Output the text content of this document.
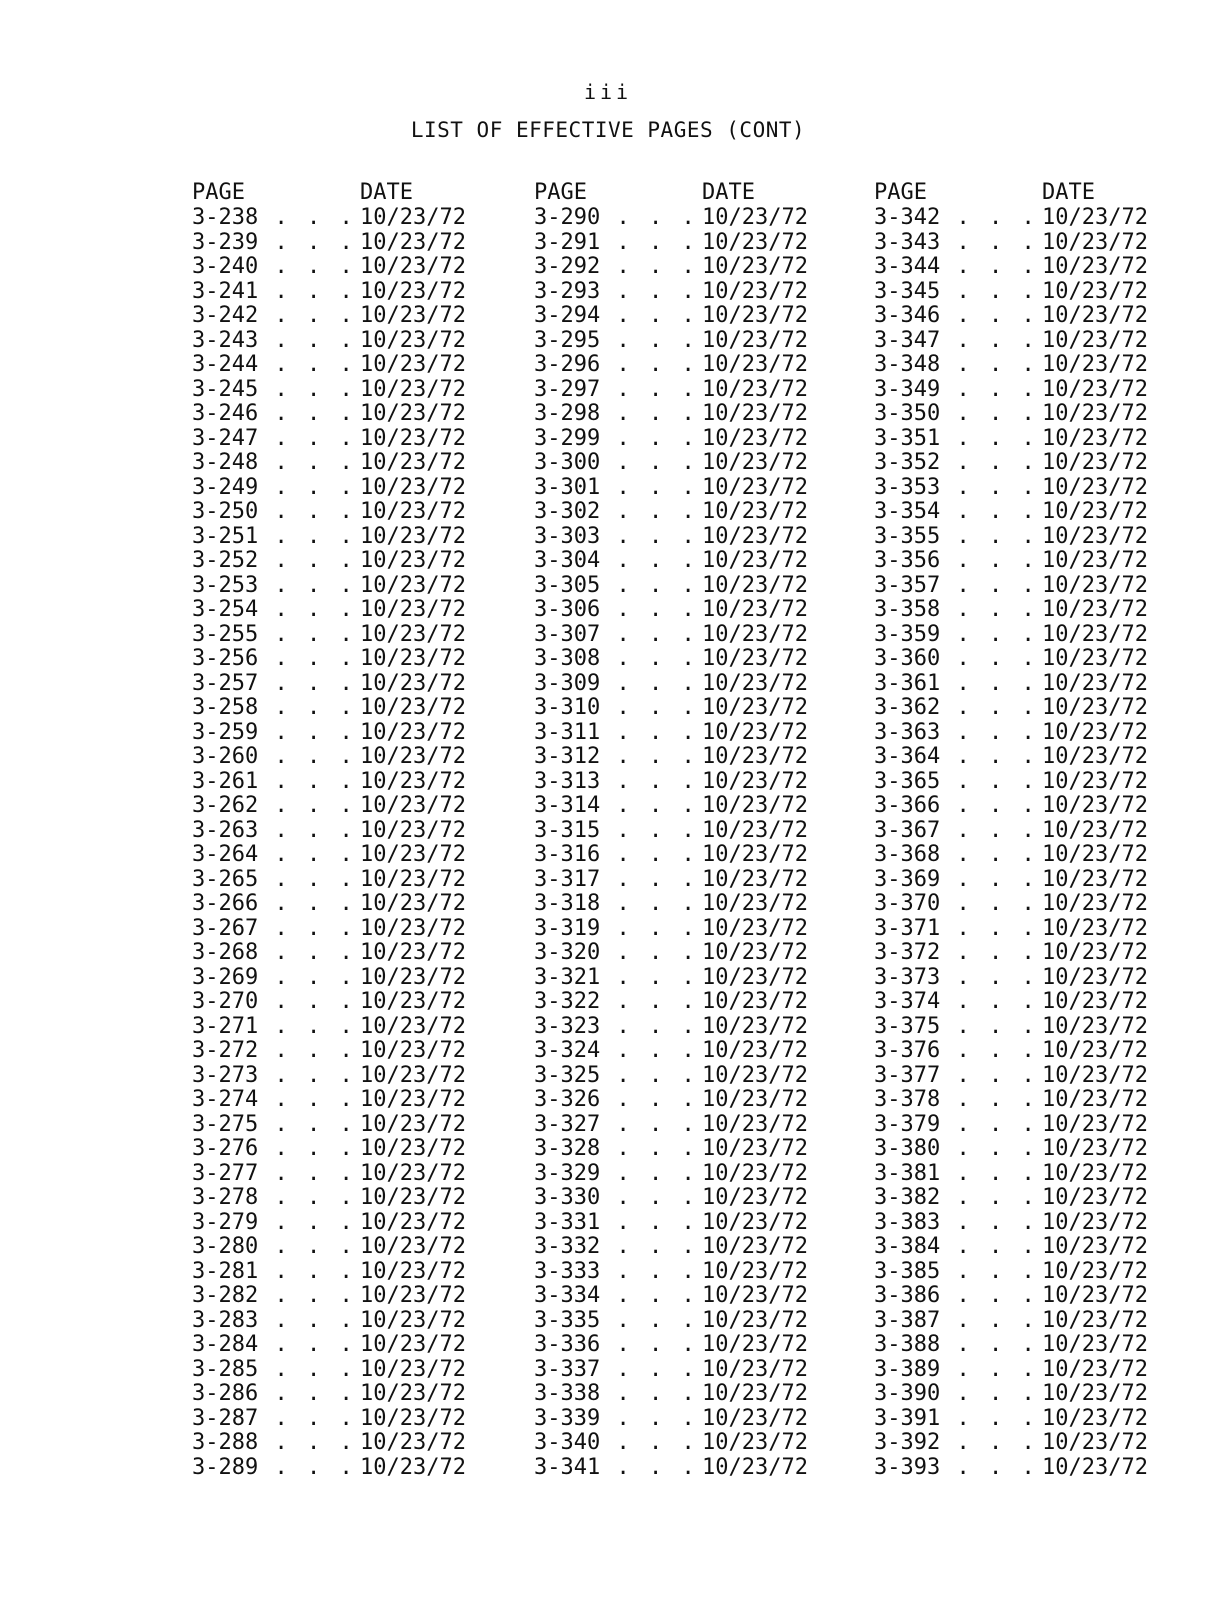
iii
LIST OF EFFECTIVE PAGES (CONT)
PAGE	DATE
3-238 . . . 10/23/72
3-239 . . . 10/23/72
3-240 . . . 10/23/72
3-241 . . . 10/23/72
3-242 . . . 10/23/72
3-243 . . . 10/23/72
3-244 . . . 10/23/72
3-245 . . . 10/23/72
3-246 . . . 10/23/72
3-247 . . . 10/23/72
3-248 . . . 10/23/72
3-249 . . . 10/23/72
3-250 . . . 10/23/72
3-251 . . . 10/23/72
3-252 . . . 10/23/72
3-253 . . . 10/23/72
3-254 . . . 10/23/72
3-255 . . . 10/23/72
3-256 . . . 10/23/72
3-257 . . . 10/23/72
3-258 . . . 10/23/72
3-259 . . . 10/23/72
3-260 . . . 10/23/72
3-261 . . . 10/23/72
3-262 . . . 10/23/72
3-263 . . . 10/23/72
3-264 . . . 10/23/72
3-265 . . . 10/23/72
3-266 . . . 10/23/72
3-267 . . . 10/23/72
3-268 . . . 10/23/72
3-269 . . . 10/23/72
3-270 . . . 10/23/72
3-271 . . . 10/23/72
3-272 . . . 10/23/72
3-273 . . . 10/23/72
3-274 . . . 10/23/72
3-275 . . . 10/23/72
3-276 . . . 10/23/72
3-277 . . . 10/23/72
3-278 . . . 10/23/72
3-279 . . . 10/23/72
3-280 . . . 10/23/72
3-281 . . . 10/23/72
3-282 . . . 10/23/72
3-283 . . . 10/23/72
3-284 . . . 10/23/72
3-285 . . . 10/23/72
3-286 . . . 10/23/72
3-287 . . . 10/23/72
3-288 . . . 10/23/72
3-289 . . . 10/23/72
PAGE	DATE
3-290 . . . 10/23/72
3-291 . . . 10/23/72
3-292 . . . 10/23/72
3-293 . . . 10/23/72
3-294 . . . 10/23/72
3-295 . . . 10/23/72
3-296 . . . 10/23/72
3-297 . . . 10/23/72
3-298 . . . 10/23/72
3-299 . . . 10/23/72
3-300 . . . 10/23/72
3-301 . . . 10/23/72
3-302 . . . 10/23/72
3-303 . . . 10/23/72
3-304 . . . 10/23/72
3-305 . . . 10/23/72
3-306 . . . 10/23/72
3-307 . . . 10/23/72
3-308 . . . 10/23/72
3-309 . . . 10/23/72
3-310 . . . 10/23/72
3-311 . . . 10/23/72
3-312 . . . 10/23/72
3-313 . . . 10/23/72
3-314 . . . 10/23/72
3-315 . . . 10/23/72
3-316 . . . 10/23/72
3-317 . . . 10/23/72
3-318 . . . 10/23/72
3-319 . . . 10/23/72
3-320 . . . 10/23/72
3-321 . . . 10/23/72
3-322 . . . 10/23/72
3-323 . . . 10/23/72
3-324 . . . 10/23/72
3-325 . . . 10/23/72
3-326 . . . 10/23/72
3-327 . . . 10/23/72
3-328 . . . 10/23/72
3-329 . . . 10/23/72
3-330 . . . 10/23/72
3-331 . . . 10/23/72
3-332 . . . 10/23/72
3-333 . . . 10/23/72
3-334 . . . 10/23/72
3-335 . . . 10/23/72
3-336 . . . 10/23/72
3-337 . . . 10/23/72
3-338 . . . 10/23/72
3-339 . . . 10/23/72
3-340 . . . 10/23/72
3-341 . . . 10/23/72
PAGE	DATE
3-342 . . . 10/23/72
3-343 . . . 10/23/72
3-344 . . . 10/23/72
3-345 . . . 10/23/72
3-346 . . . 10/23/72
3-347 . . . 10/23/72
3-348 . . . 10/23/72
3-349 . . . 10/23/72
3-350 . . . 10/23/72
3-351 . . . 10/23/72
3-352 . . . 10/23/72
3-353 . . . 10/23/72
3-354 . . . 10/23/72
3-355 . . . 10/23/72
3-356 . . . 10/23/72
3-357 . . . 10/23/72
3-358 . . . 10/23/72
3-359 . . . 10/23/72
3-360 . . . 10/23/72
3-361 . . . 10/23/72
3-362 . . . 10/23/72
3-363 . . . 10/23/72
3-364 . . . 10/23/72
3-365 . . . 10/23/72
3-366 . . . 10/23/72
3-367 . . . 10/23/72
3-368 . . . 10/23/72
3-369 . . . 10/23/72
3-370 . . . 10/23/72
3-371 . . . 10/23/72
3-372 . . . 10/23/72
3-373 . . . 10/23/72
3-374 . . . 10/23/72
3-375 . . . 10/23/72
3-376 . . . 10/23/72
3-377 . . . 10/23/72
3-378 . . . 10/23/72
3-379 . . . 10/23/72
3-380 . . . 10/23/72
3-381 . . . 10/23/72
3-382 . . . 10/23/72
3-383 . . . 10/23/72
3-384 . . . 10/23/72
3-385 . . . 10/23/72
3-386 . . . 10/23/72
3-387 . . . 10/23/72
3-388 . . . 10/23/72
3-389 . . . 10/23/72
3-390 . . . 10/23/72
3-391 . . . 10/23/72
3-392 . . . 10/23/72
3-393 . . . 10/23/72
